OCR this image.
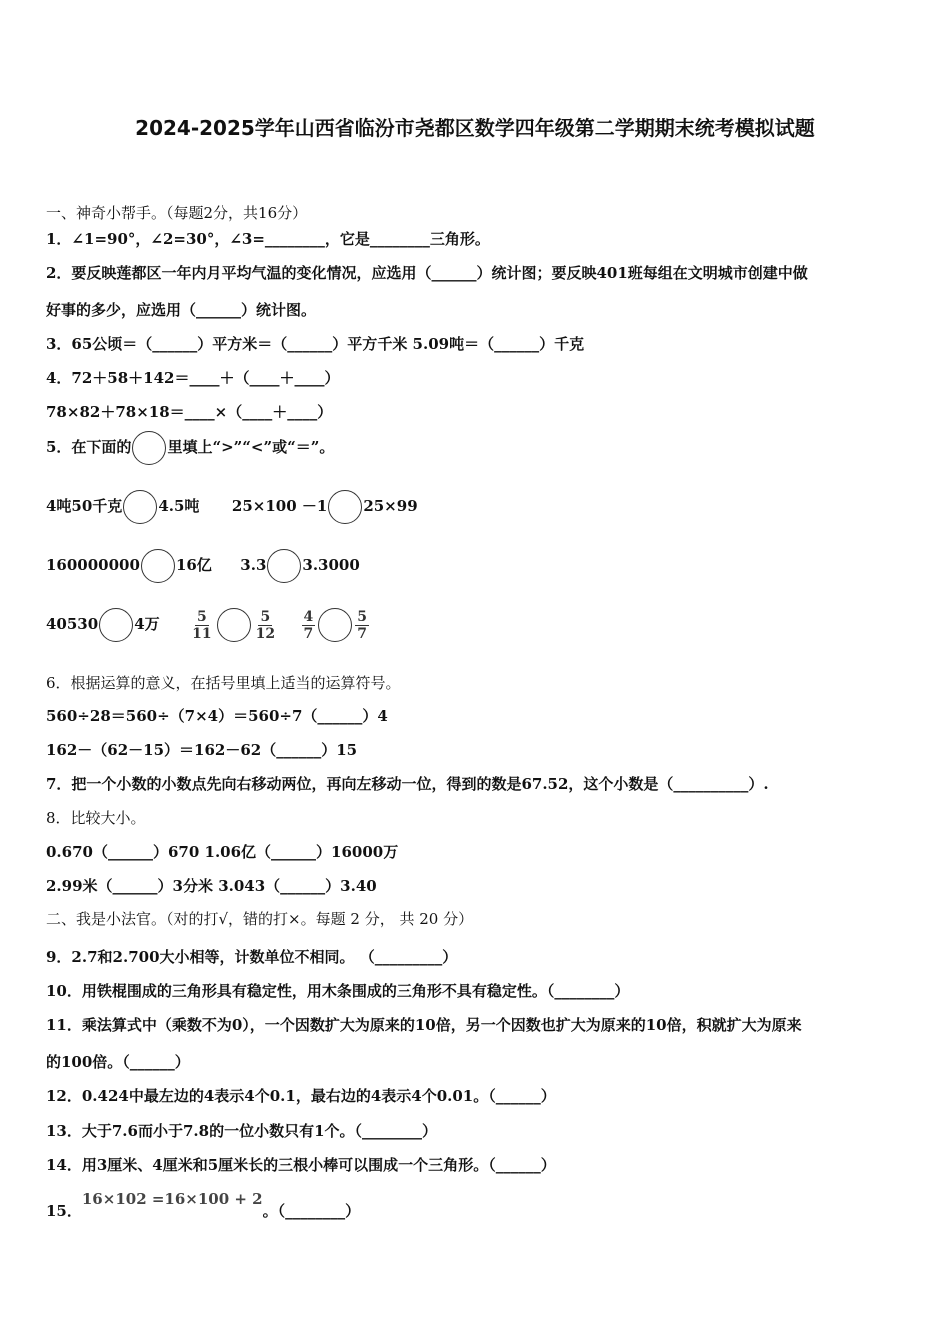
2024-2025学年山西省临汾市尧都区数学四年级第二学期期末统考模拟试题
一、神奇小帮手。（每题2分，共16分）
1．∠1=90°，∠2=30°，∠3=________，它是________三角形。
2．要反映莲都区一年内月平均气温的变化情况，应选用（______）统计图；要反映401班每组在文明城市创建中做
好事的多少，应选用（______）统计图。
3．65公顷＝（______）平方米＝（______）平方千米 5.09吨＝（______）千克
4．72＋58＋142＝____＋（____＋____）
78×82＋78×18＝____×（____＋____）
5．在下面的 里填上“>”“<”或“＝”。
4吨50千克 4.5吨 25×100 －1 25×99
160000000 16亿 3.3 3.3000
40530 4万 $\frac{5}{11}$	$\frac{5}{12}$
$\frac{4}{7}$	$\frac{5}{7}$
6．根据运算的意义，在括号里填上适当的运算符号。
560÷28＝560÷（7×4）＝560÷7（______）4
162－（62－15）＝162－62（______）15
7．把一个小数的小数点先向右移动两位，再向左移动一位，得到的数是67.52，这个小数是（__________）.
8．比较大小。
0.670（______）670 1.06亿（______）16000万
2.99米（______）3分米 3.043（______）3.40
二、我是小法官。（对的打√，错的打×。每题 2 分， 共 20 分）
9．2.7和2.700大小相等，计数单位不相同。 （_________）
10．用铁棍围成的三角形具有稳定性，用木条围成的三角形不具有稳定性。（________）
11．乘法算式中（乘数不为0），一个因数扩大为原来的10倍，另一个因数也扩大为原来的10倍，积就扩大为原来
的100倍。（______）
12．0.424中最左边的4表示4个0.1，最右边的4表示4个0.01。（______）
13．大于7.6而小于7.8的一位小数只有1个。（________）
14．用3厘米、4厘米和5厘米长的三根小棒可以围成一个三角形。（______）
15．16×102 =16×100 + 2。（________）
